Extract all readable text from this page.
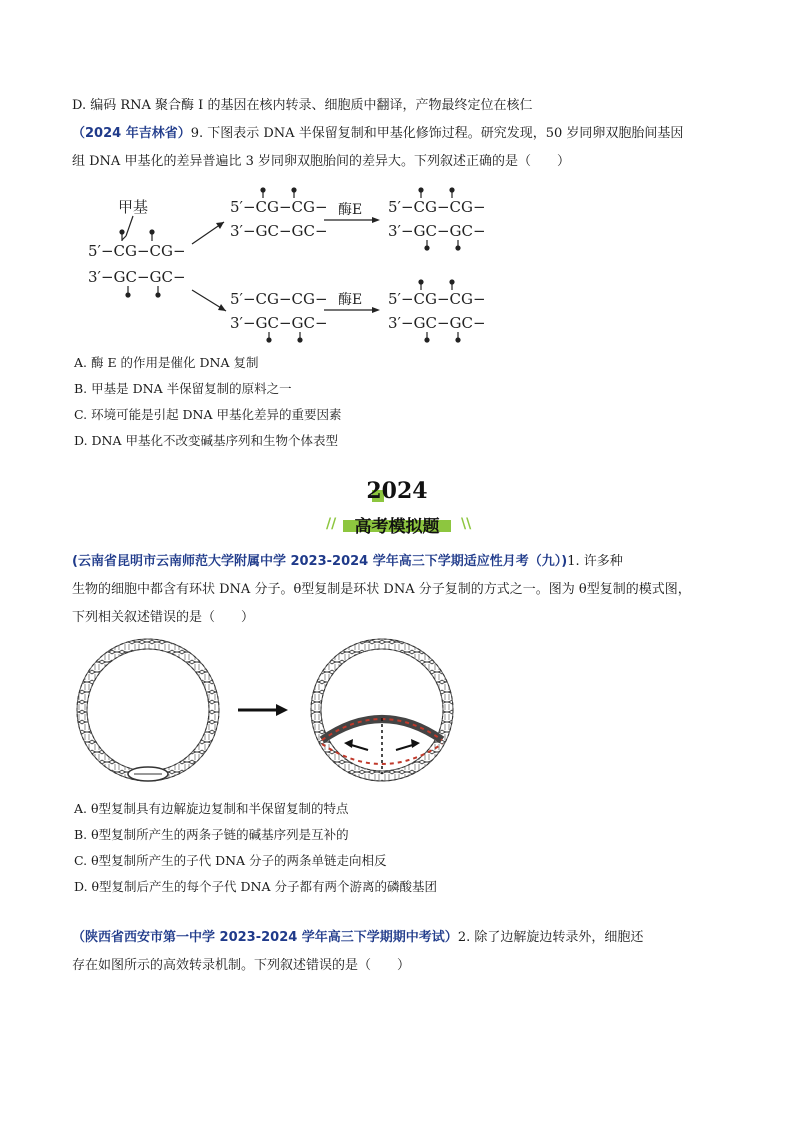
D. 编码 RNA 聚合酶 I 的基因在核内转录、细胞质中翻译，产物最终定位在核仁
（2024 年吉林省）9. 下图表示 DNA 半保留复制和甲基化修饰过程。研究发现，50 岁同卵双胞胎间基因
组 DNA 甲基化的差异普遍比 3 岁同卵双胞胎间的差异大。下列叙述正确的是（　　）
甲基
5′−CG−CG−
3′−GC−GC−
5′−CG−CG−
3′−GC−GC−
酶E 5′−CG−CG−
3′−GC−GC−
5′−CG−CG−
3′−GC−GC−
酶E 5′−CG−CG−
3′−GC−GC−
A. 酶 E 的作用是催化 DNA 复制
B. 甲基是 DNA 半保留复制的原料之一
C. 环境可能是引起 DNA 甲基化差异的重要因素
D. DNA 甲基化不改变碱基序列和生物个体表型
2024
//	高考模拟题	\\
(云南省昆明市云南师范大学附属中学 2023-2024 学年高三下学期适应性月考（九）)1. 许多种
生物的细胞中都含有环状 DNA 分子。θ型复制是环状 DNA 分子复制的方式之一。图为 θ型复制的模式图，
下列相关叙述错误的是（　　）
A. θ型复制具有边解旋边复制和半保留复制的特点
B. θ型复制所产生的两条子链的碱基序列是互补的
C. θ型复制所产生的子代 DNA 分子的两条单链走向相反
D. θ型复制后产生的每个子代 DNA 分子都有两个游离的磷酸基团
（陕西省西安市第一中学 2023-2024 学年高三下学期期中考试）2. 除了边解旋边转录外，细胞还
存在如图所示的高效转录机制。下列叙述错误的是（　　）
